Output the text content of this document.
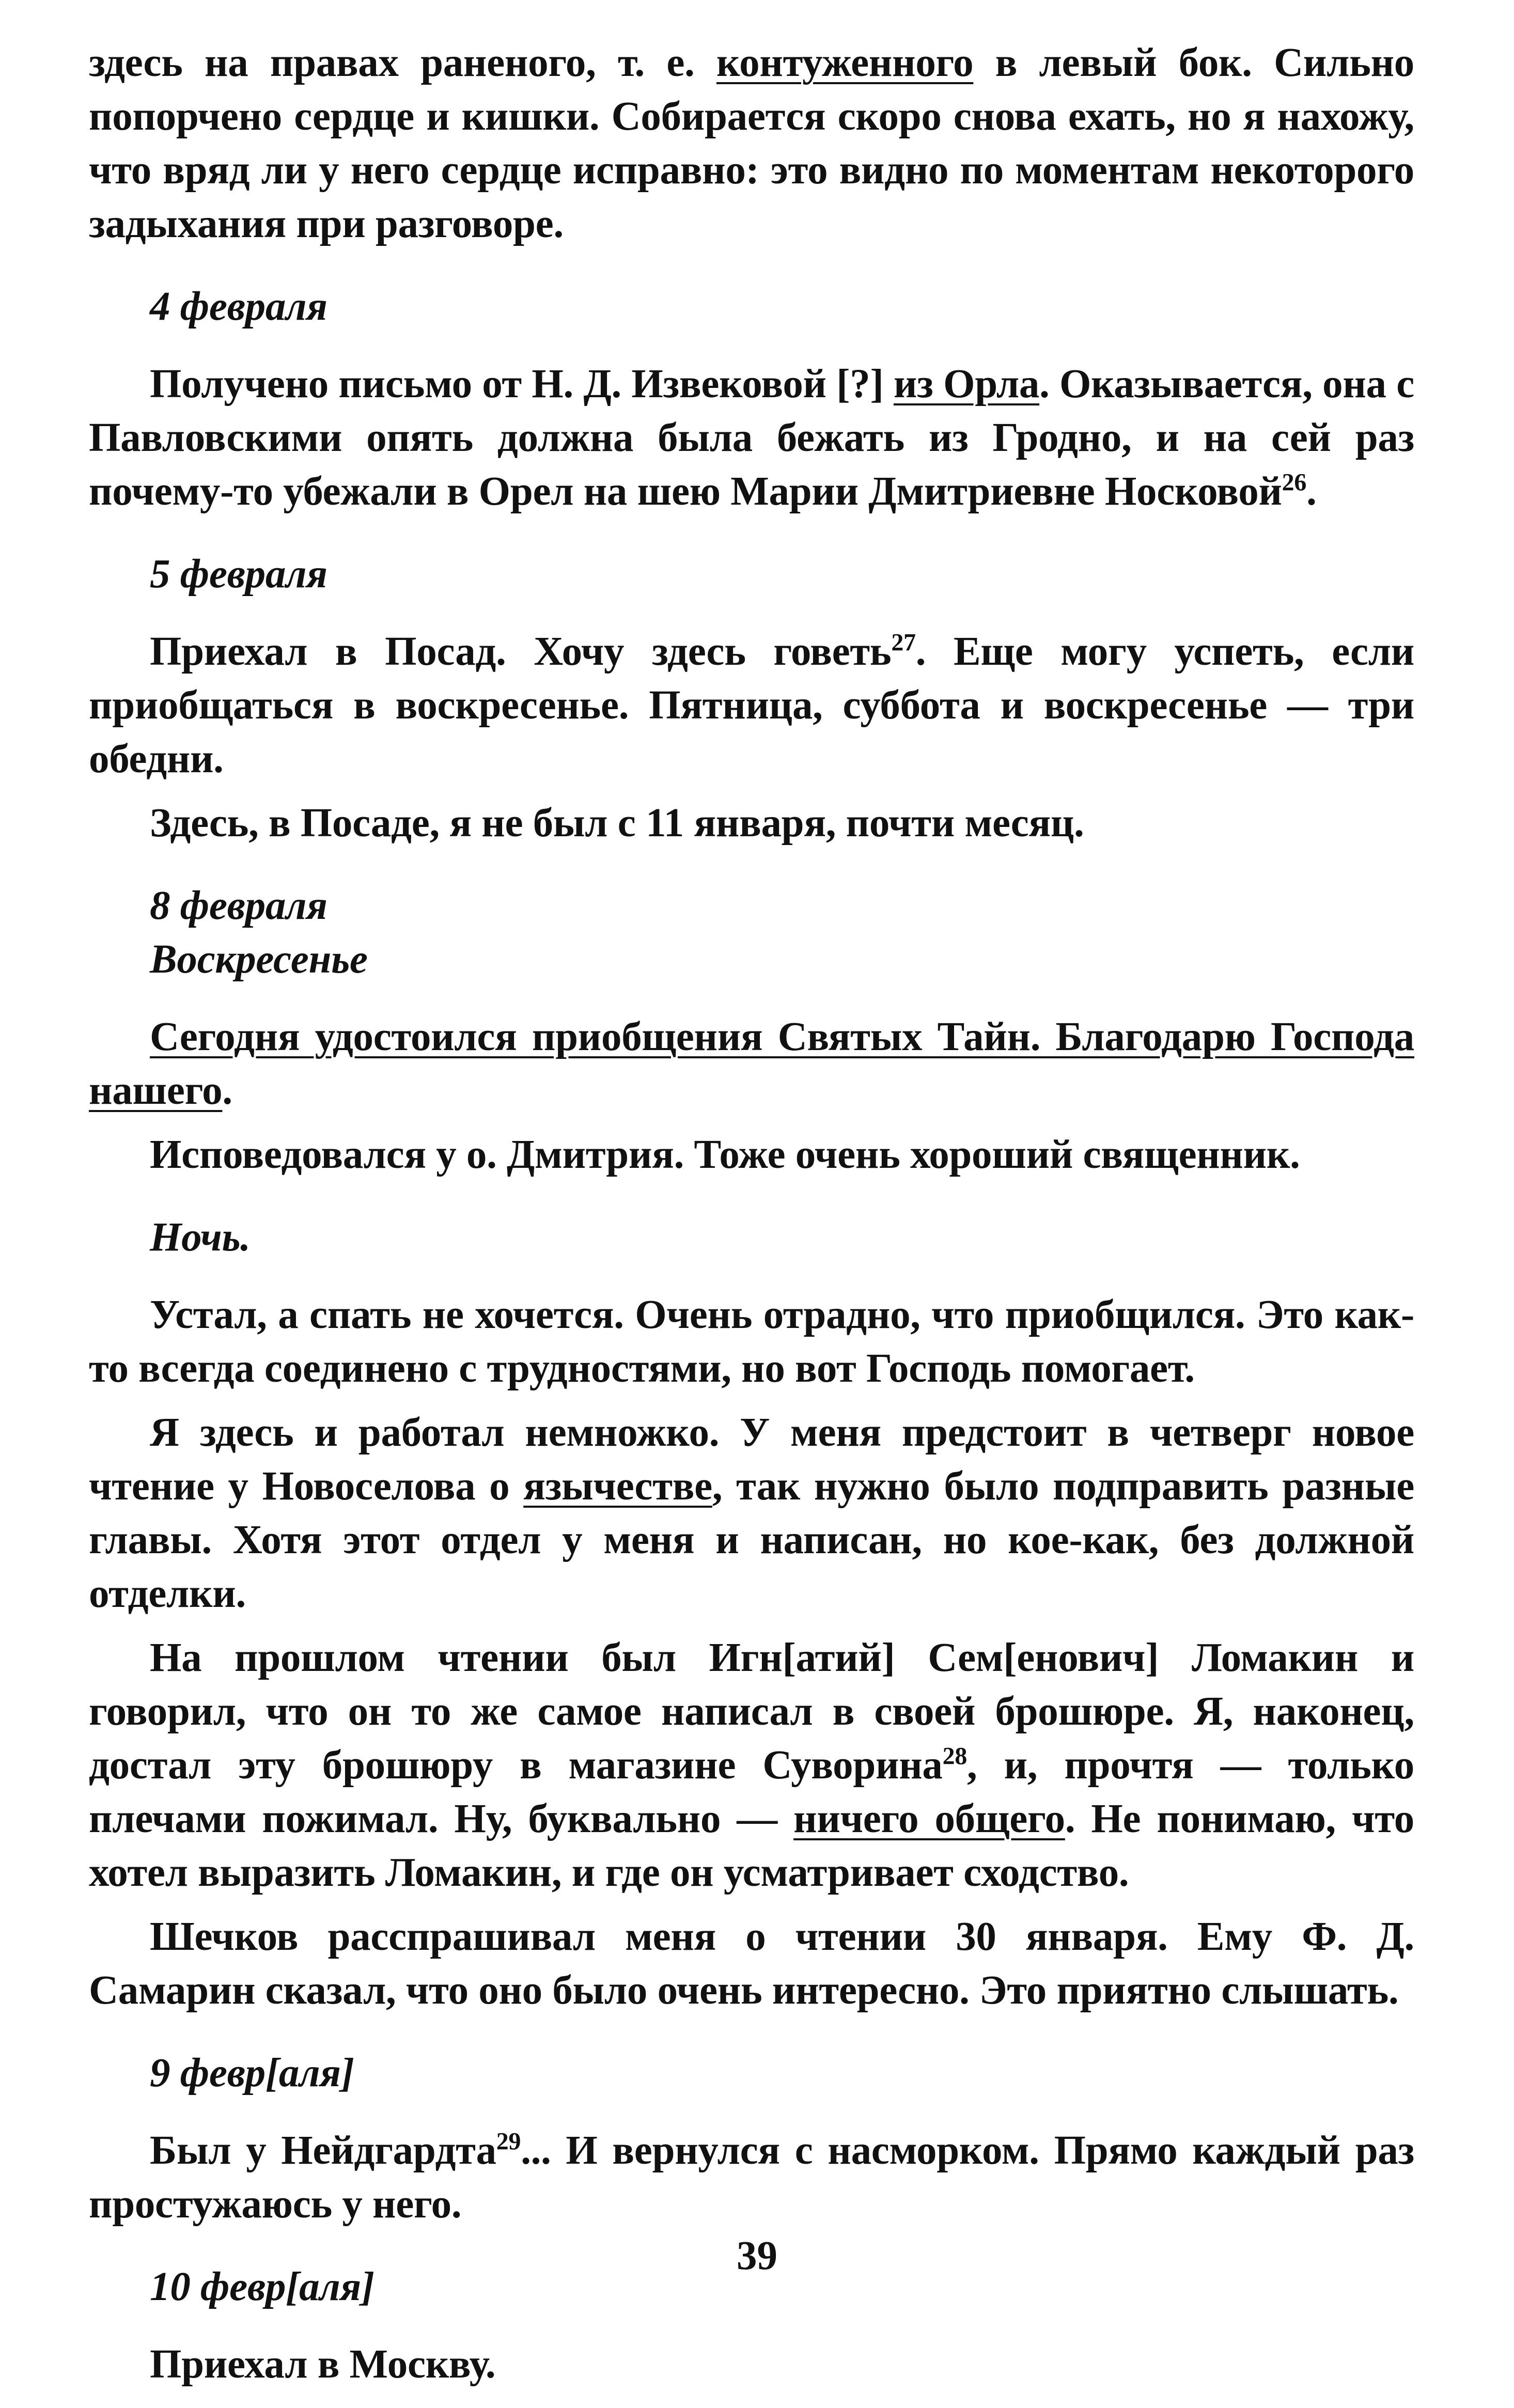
здесь на правах раненого, т. е. контуженного в левый бок. Сильно попорчено сердце и кишки. Собирается скоро снова ехать, но я нахожу, что вряд ли у него сердце исправно: это видно по моментам некоторого задыхания при разговоре.

4 февраля

Получено письмо от Н. Д. Извековой [?] из Орла. Оказывается, она с Павловскими опять должна была бежать из Гродно, и на сей раз почему-то убежали в Орел на шею Марии Дмитриевне Носковой$^{26}$.

5 февраля

Приехал в Посад. Хочу здесь говеть$^{27}$. Еще могу успеть, если приобщаться в воскресенье. Пятница, суббота и воскресенье — три обедни.

Здесь, в Посаде, я не был с 11 января, почти месяц.

8 февраля

Воскресенье

Сегодня удостоился приобщения Святых Тайн. Благодарю Господа нашего.

Исповедовался у о. Дмитрия. Тоже очень хороший священник.

Ночь.

Устал, а спать не хочется. Очень отрадно, что приобщился. Это как-то всегда соединено с трудностями, но вот Господь помогает.

Я здесь и работал немножко. У меня предстоит в четверг новое чтение у Новоселова о язычестве, так нужно было подправить разные главы. Хотя этот отдел у меня и написан, но кое-как, без должной отделки.

На прошлом чтении был Игн[атий] Сем[енович] Ломакин и говорил, что он то же самое написал в своей брошюре. Я, наконец, достал эту брошюру в магазине Суворина$^{28}$, и, прочтя — только плечами пожимал. Ну, буквально — ничего общего. Не понимаю, что хотел выразить Ломакин, и где он усматривает сходство.

Шечков расспрашивал меня о чтении 30 января. Ему Ф. Д. Самарин сказал, что оно было очень интересно. Это приятно слышать.

9 февр[аля]

Был у Нейдгардта$^{29}$... И вернулся с насморком. Прямо каждый раз простужаюсь у него.

10 февр[аля]

Приехал в Москву.

39
